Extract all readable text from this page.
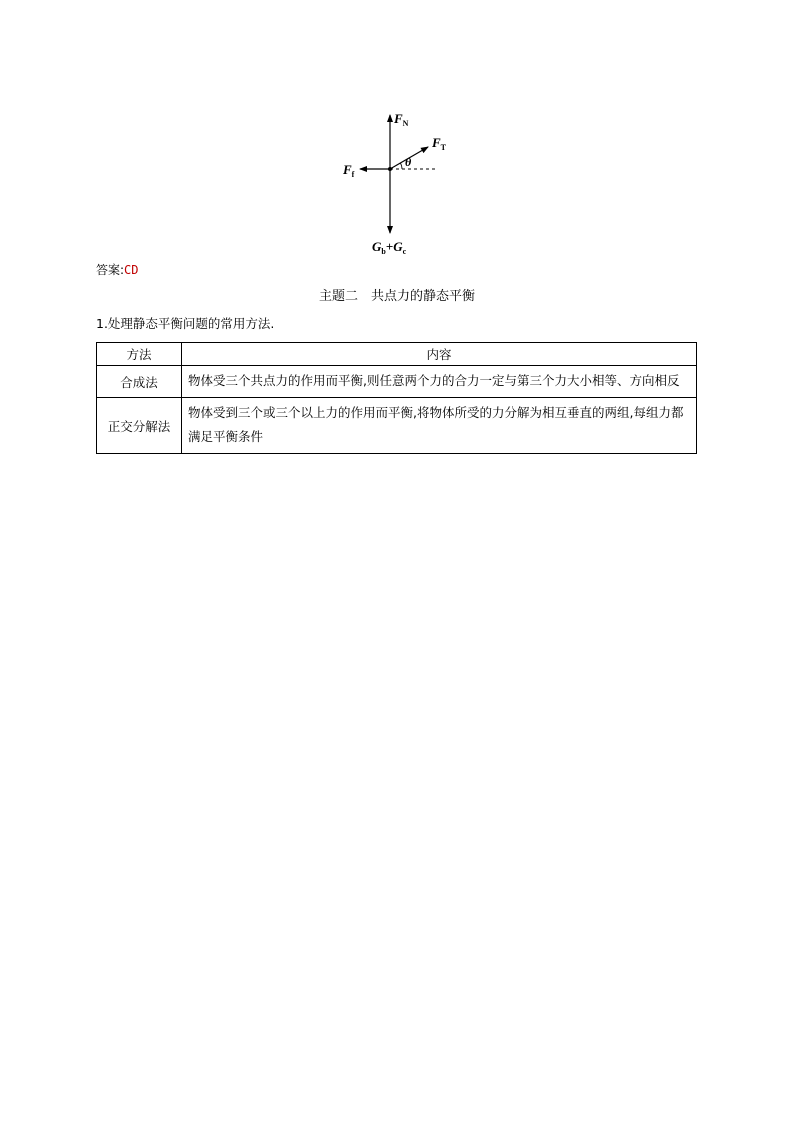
$F_N$
$F_T$
$F_f$
θ
$G_b+G_c$
答案:CD
主题二　共点力的静态平衡
1.处理静态平衡问题的常用方法.
方法	内容
合成法	物体受三个共点力的作用而平衡,则任意两个力的合力一定与第三个力大小相等、方向相反
正交分解法	物体受到三个或三个以上力的作用而平衡,将物体所受的力分解为相互垂直的两组,每组力都满足平衡条件
